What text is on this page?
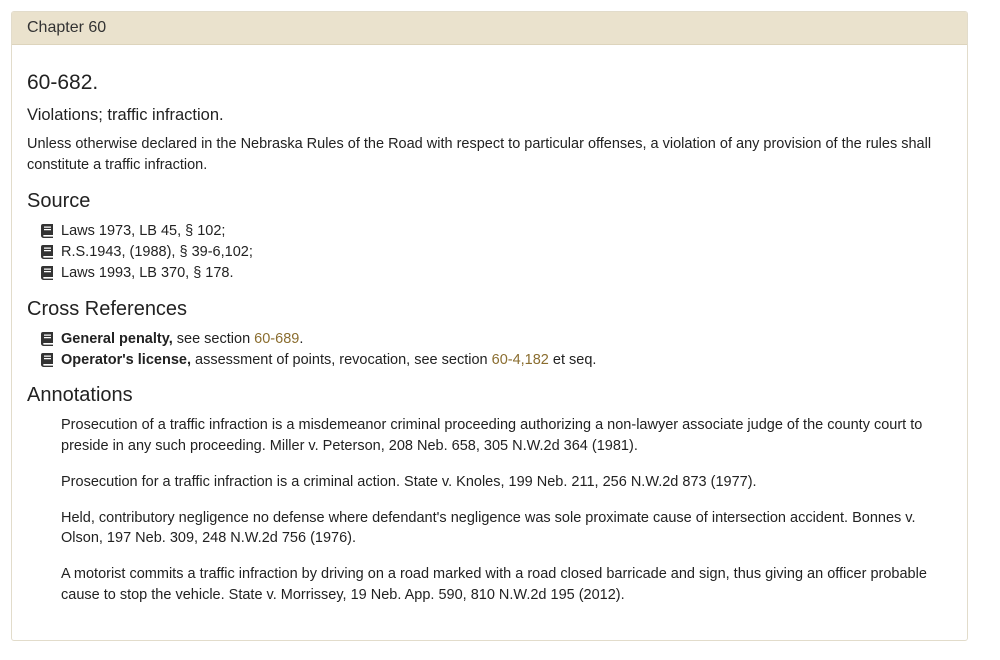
Chapter 60
60-682.
Violations; traffic infraction.

Unless otherwise declared in the Nebraska Rules of the Road with respect to particular offenses, a violation of any provision of the rules shall constitute a traffic infraction.

Source
Laws 1973, LB 45, § 102;
R.S.1943, (1988), § 39-6,102;
Laws 1993, LB 370, § 178.
Cross References
General penalty, see section 60-689.
Operator's license, assessment of points, revocation, see section 60-4,182 et seq.
Annotations

Prosecution of a traffic infraction is a misdemeanor criminal proceeding authorizing a non-lawyer associate judge of the county court to preside in any such proceeding. Miller v. Peterson, 208 Neb. 658, 305 N.W.2d 364 (1981).

Prosecution for a traffic infraction is a criminal action. State v. Knoles, 199 Neb. 211, 256 N.W.2d 873 (1977).

Held, contributory negligence no defense where defendant's negligence was sole proximate cause of intersection accident. Bonnes v. Olson, 197 Neb. 309, 248 N.W.2d 756 (1976).

A motorist commits a traffic infraction by driving on a road marked with a road closed barricade and sign, thus giving an officer probable cause to stop the vehicle. State v. Morrissey, 19 Neb. App. 590, 810 N.W.2d 195 (2012).
